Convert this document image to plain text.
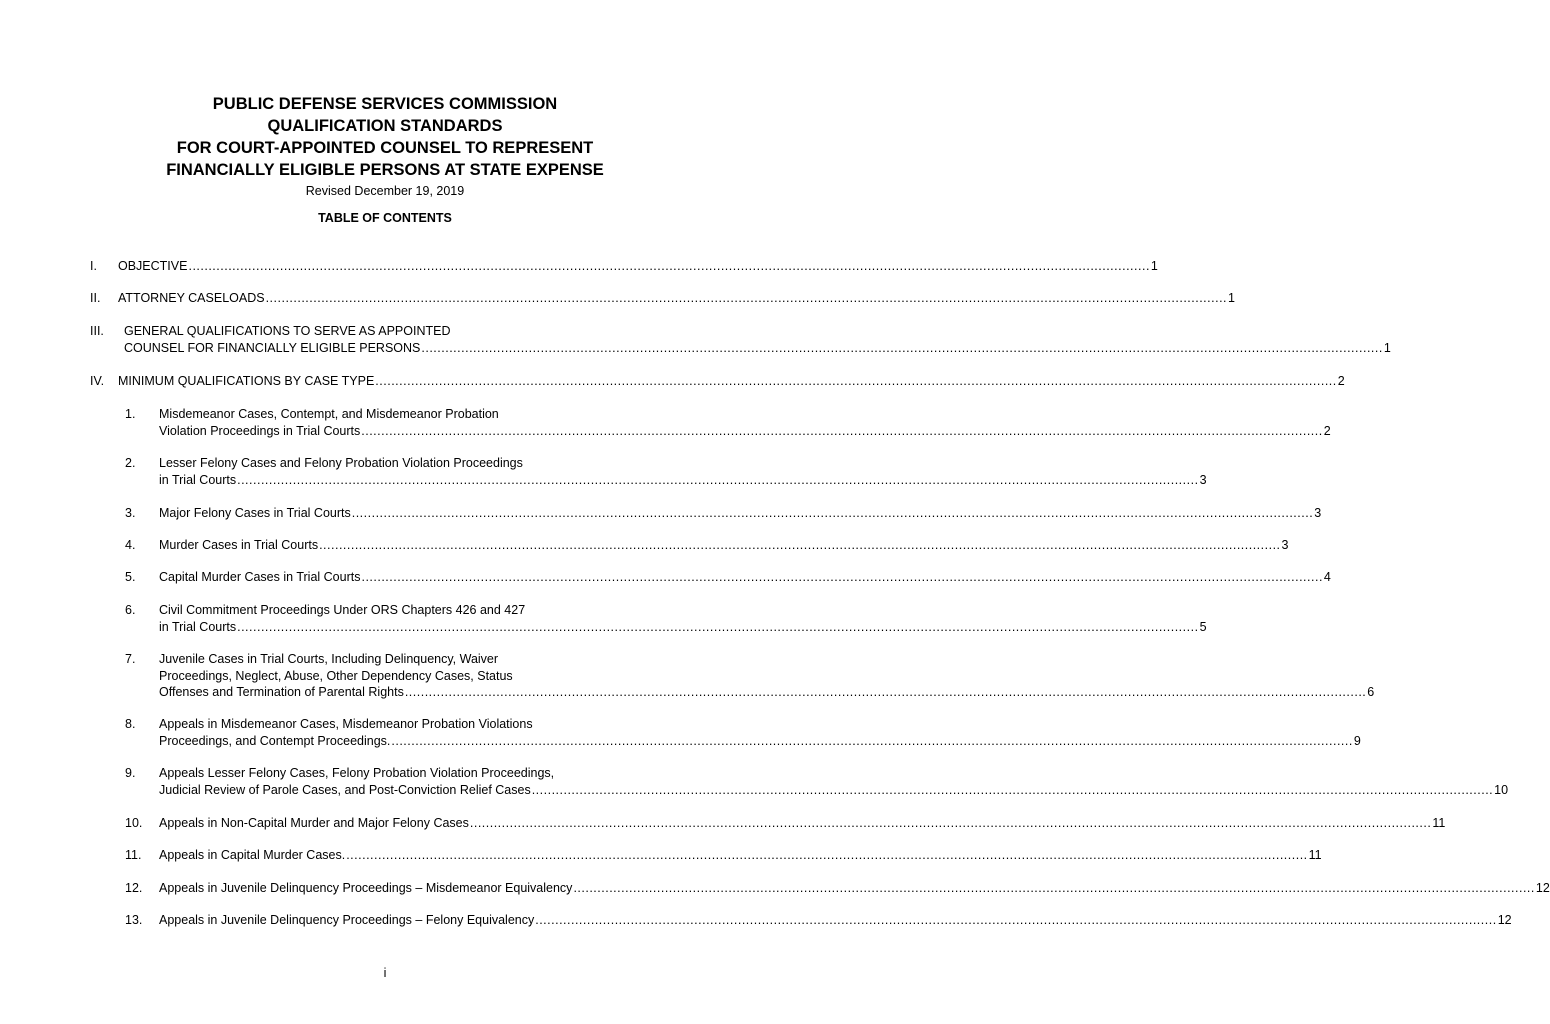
PUBLIC DEFENSE SERVICES COMMISSION
QUALIFICATION STANDARDS
FOR COURT-APPOINTED COUNSEL TO REPRESENT
FINANCIALLY ELIGIBLE PERSONS AT STATE EXPENSE
Revised December 19, 2019
TABLE OF CONTENTS
I. OBJECTIVE .................................................................................................................................................................................................................................................. 1
II. ATTORNEY CASELOADS .................................................................................................................................................................................................................................................. 1
III. GENERAL QUALIFICATIONS TO SERVE AS APPOINTED
COUNSEL FOR FINANCIALLY ELIGIBLE PERSONS .................................................................................................................................................................................................................................................. 1
IV. MINIMUM QUALIFICATIONS BY CASE TYPE .................................................................................................................................................................................................................................................. 2
1. Misdemeanor Cases, Contempt, and Misdemeanor Probation
Violation Proceedings in Trial Courts .................................................................................................................................................................................................................................................. 2
2. Lesser Felony Cases and Felony Probation Violation Proceedings
in Trial Courts .................................................................................................................................................................................................................................................. 3
3. Major Felony Cases in Trial Courts .................................................................................................................................................................................................................................................. 3
4. Murder Cases in Trial Courts .................................................................................................................................................................................................................................................. 3
5. Capital Murder Cases in Trial Courts .................................................................................................................................................................................................................................................. 4
6. Civil Commitment Proceedings Under ORS Chapters 426 and 427
in Trial Courts .................................................................................................................................................................................................................................................. 5
7. Juvenile Cases in Trial Courts, Including Delinquency, Waiver
Proceedings, Neglect, Abuse, Other Dependency Cases, Status
Offenses and Termination of Parental Rights .................................................................................................................................................................................................................................................. 6
8. Appeals in Misdemeanor Cases, Misdemeanor Probation Violations
Proceedings, and Contempt Proceedings. .................................................................................................................................................................................................................................................. 9
9. Appeals Lesser Felony Cases, Felony Probation Violation Proceedings,
Judicial Review of Parole Cases, and Post-Conviction Relief Cases .................................................................................................................................................................................................................................................. 10
10. Appeals in Non-Capital Murder and Major Felony Cases .................................................................................................................................................................................................................................................. 11
11. Appeals in Capital Murder Cases. .................................................................................................................................................................................................................................................. 11
12. Appeals in Juvenile Delinquency Proceedings – Misdemeanor Equivalency .................................................................................................................................................................................................................................................. 12
13. Appeals in Juvenile Delinquency Proceedings – Felony Equivalency .................................................................................................................................................................................................................................................. 12
i
